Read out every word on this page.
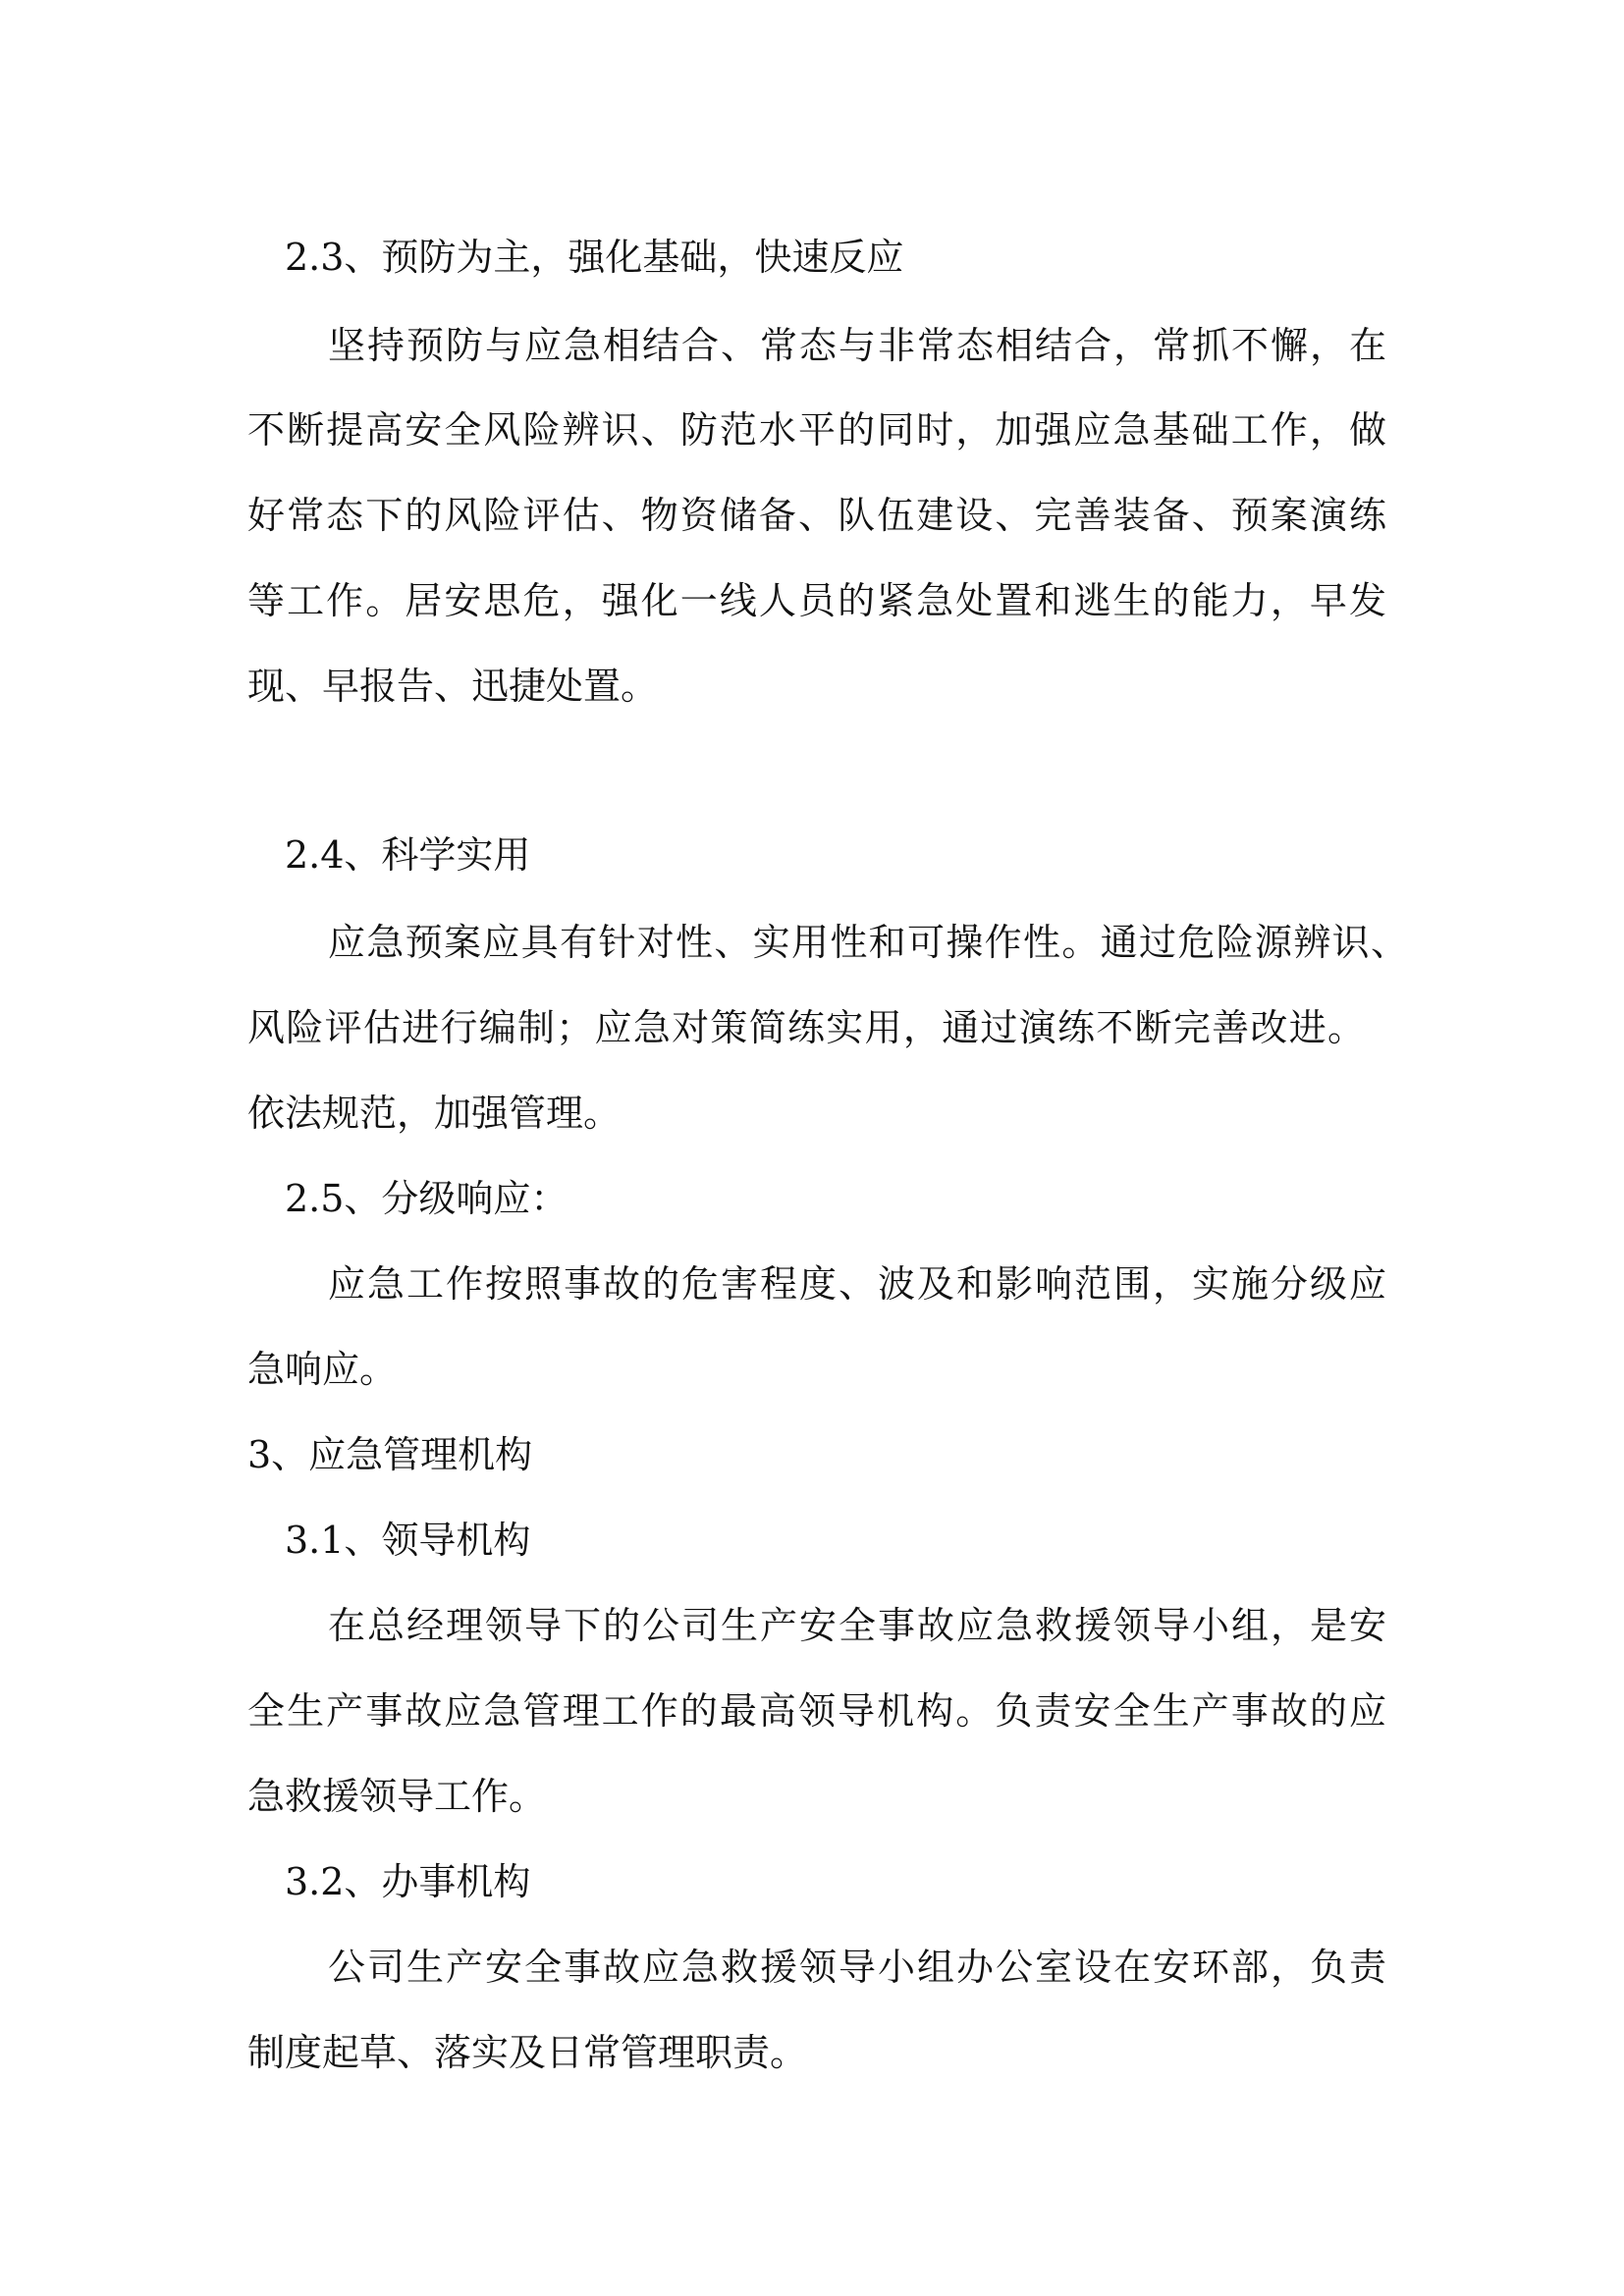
2.3、预防为主，强化基础，快速反应
坚持预防与应急相结合、常态与非常态相结合，常抓不懈，在
不断提高安全风险辨识、防范水平的同时，加强应急基础工作，做
好常态下的风险评估、物资储备、队伍建设、完善装备、预案演练
等工作。居安思危，强化一线人员的紧急处置和逃生的能力，早发
现、早报告、迅捷处置。
2.4、科学实用
应急预案应具有针对性、实用性和可操作性。通过危险源辨识、
风险评估进行编制；应急对策简练实用，通过演练不断完善改进。
依法规范，加强管理。
2.5、分级响应：
应急工作按照事故的危害程度、波及和影响范围，实施分级应
急响应。
3、应急管理机构
3.1、领导机构
在总经理领导下的公司生产安全事故应急救援领导小组，是安
全生产事故应急管理工作的最高领导机构。负责安全生产事故的应
急救援领导工作。
3.2、办事机构
公司生产安全事故应急救援领导小组办公室设在安环部，负责
制度起草、落实及日常管理职责。
